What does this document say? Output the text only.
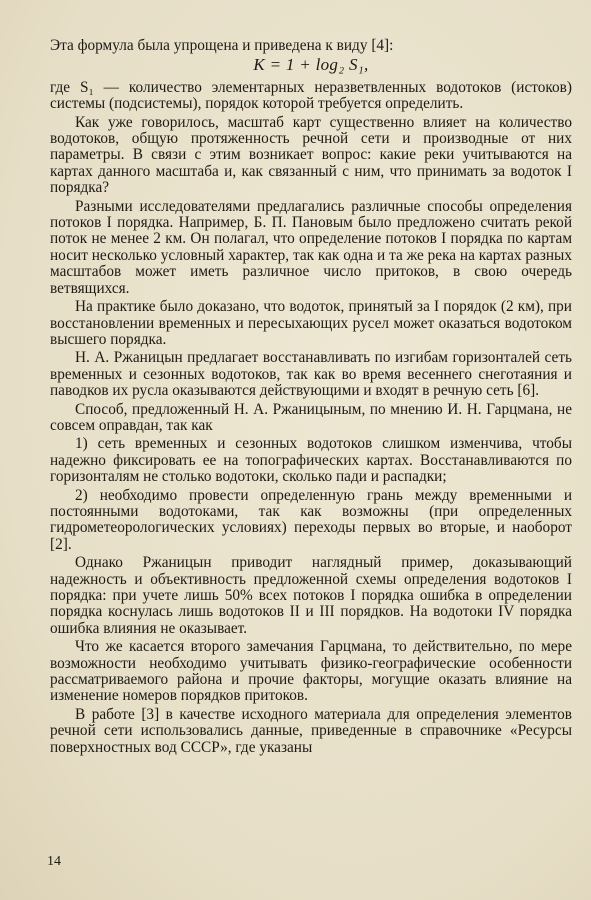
Эта формула была упрощена и приведена к виду [4]:

K = 1 + log₂ S₁,

где S₁ — количество элементарных неразветвленных водотоков (истоков) системы (подсистемы), порядок которой требуется определить.

Как уже говорилось, масштаб карт существенно влияет на количество водотоков, общую протяженность речной сети и производные от них параметры. В связи с этим возникает вопрос: какие реки учитываются на картах данного масштаба и, как связанный с ним, что принимать за водоток I порядка?

Разными исследователями предлагались различные способы определения потоков I порядка. Например, Б. П. Пановым было предложено считать рекой поток не менее 2 км. Он полагал, что определение потоков I порядка по картам носит несколько условный характер, так как одна и та же река на картах разных масштабов может иметь различное число притоков, в свою очередь ветвящихся.

На практике было доказано, что водоток, принятый за I порядок (2 км), при восстановлении временных и пересыхающих русел может оказаться водотоком высшего порядка.

Н. А. Ржаницын предлагает восстанавливать по изгибам горизонталей сеть временных и сезонных водотоков, так как во время весеннего снеготаяния и паводков их русла оказываются действующими и входят в речную сеть [6].

Способ, предложенный Н. А. Ржаницыным, по мнению И. Н. Гарцмана, не совсем оправдан, так как

1) сеть временных и сезонных водотоков слишком изменчива, чтобы надежно фиксировать ее на топографических картах. Восстанавливаются по горизонталям не столько водотоки, сколько пади и распадки;

2) необходимо провести определенную грань между временными и постоянными водотоками, так как возможны (при определенных гидрометеорологических условиях) переходы первых во вторые, и наоборот [2].

Однако Ржаницын приводит наглядный пример, доказывающий надежность и объективность предложенной схемы определения водотоков I порядка: при учете лишь 50% всех потоков I порядка ошибка в определении порядка коснулась лишь водотоков II и III порядков. На водотоки IV порядка ошибка влияния не оказывает.

Что же касается второго замечания Гарцмана, то действительно, по мере возможности необходимо учитывать физико-географические особенности рассматриваемого района и прочие факторы, могущие оказать влияние на изменение номеров порядков притоков.

В работе [3] в качестве исходного материала для определения элементов речной сети использовались данные, приведенные в справочнике «Ресурсы поверхностных вод СССР», где указаны

14
